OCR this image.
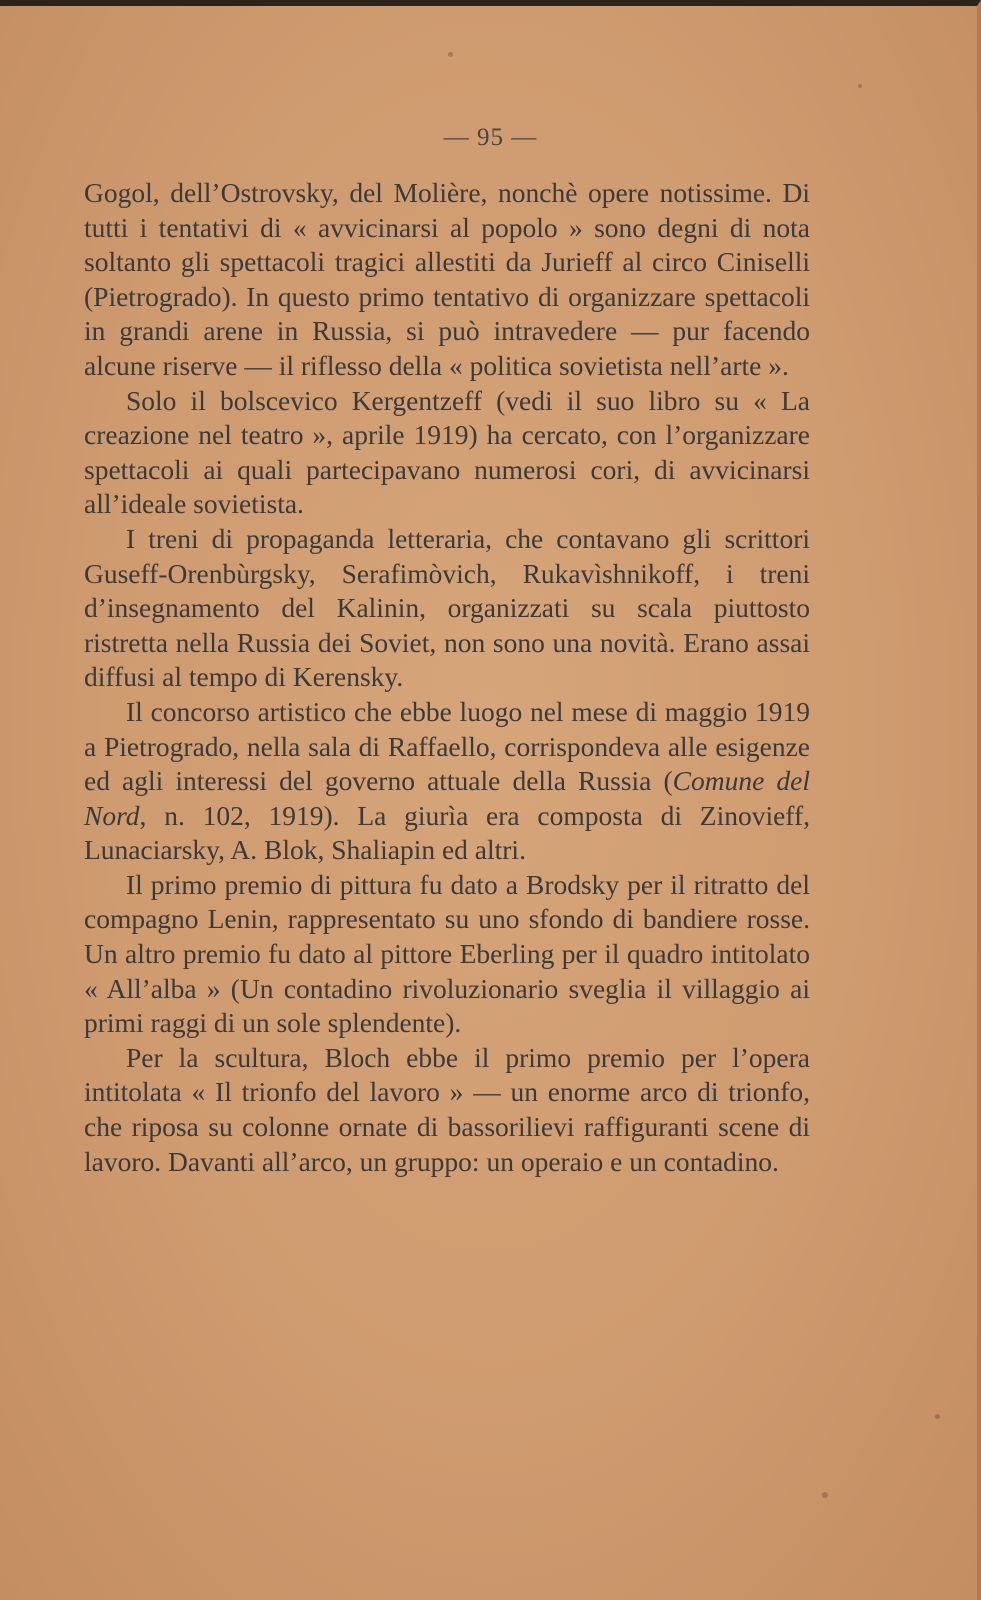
— 95 —

Gogol, dell’Ostrovsky, del Molière, nonchè opere notissime. Di tutti i tentativi di « avvicinarsi al popolo » sono degni di nota soltanto gli spettacoli tragici allestiti da Jurieff al circo Ciniselli (Pietrogrado). In questo primo tentativo di organizzare spettacoli in grandi arene in Russia, si può intravedere — pur facendo alcune riserve — il riflesso della « politica sovietista nell’arte ».

Solo il bolscevico Kergentzeff (vedi il suo libro su « La creazione nel teatro », aprile 1919) ha cercato, con l’organizzare spettacoli ai quali partecipavano numerosi cori, di avvicinarsi all’ideale sovietista.

I treni di propaganda letteraria, che contavano gli scrittori Guseff-Orenbùrgsky, Serafimòvich, Rukavìshnikoff, i treni d’insegnamento del Kalinin, organizzati su scala piuttosto ristretta nella Russia dei Soviet, non sono una novità. Erano assai diffusi al tempo di Kerensky.

Il concorso artistico che ebbe luogo nel mese di maggio 1919 a Pietrogrado, nella sala di Raffaello, corrispondeva alle esigenze ed agli interessi del governo attuale della Russia (Comune del Nord, n. 102, 1919). La giurìa era composta di Zinovieff, Lunaciarsky, A. Blok, Shaliapin ed altri.

Il primo premio di pittura fu dato a Brodsky per il ritratto del compagno Lenin, rappresentato su uno sfondo di bandiere rosse. Un altro premio fu dato al pittore Eberling per il quadro intitolato « All’alba » (Un contadino rivoluzionario sveglia il villaggio ai primi raggi di un sole splendente).

Per la scultura, Bloch ebbe il primo premio per l’opera intitolata « Il trionfo del lavoro » — un enorme arco di trionfo, che riposa su colonne ornate di bassorilievi raffiguranti scene di lavoro. Davanti all’arco, un gruppo: un operaio e un contadino.
